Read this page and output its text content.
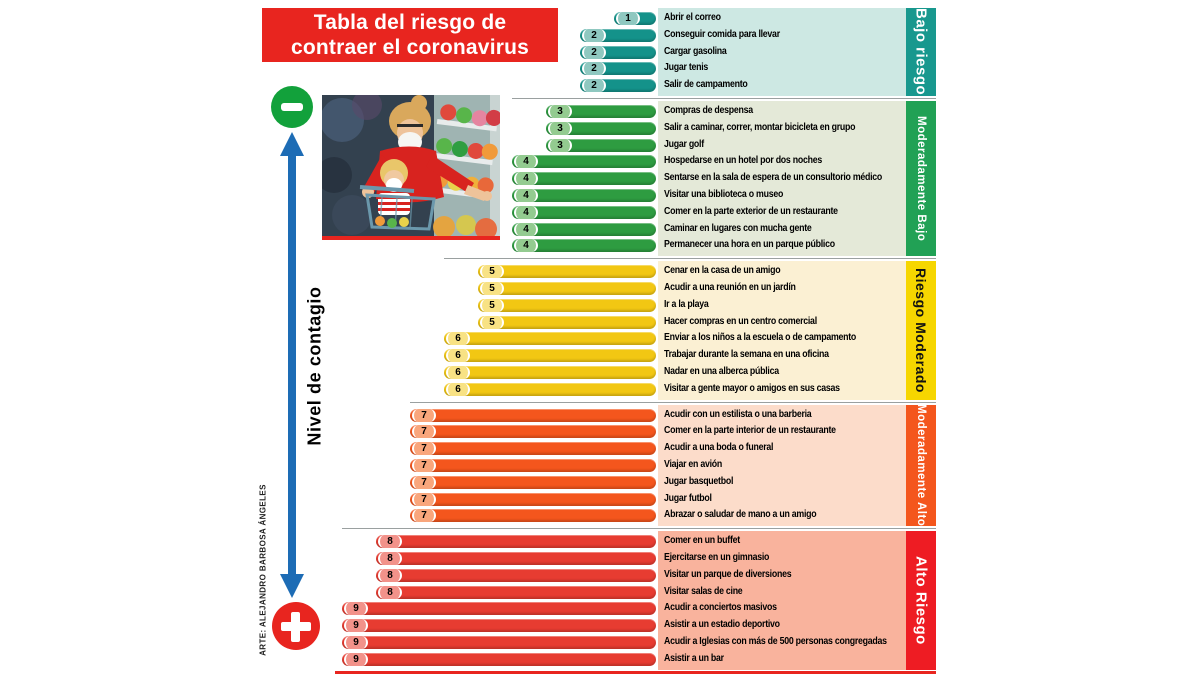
Bajo riesgo
1	Abrir el correo
2	Conseguir comida para llevar
2	Cargar gasolina
2	Jugar tenis
2	Salir de campamento
Moderadamente Bajo
3	Compras de despensa
3	Salir a caminar, correr, montar bicicleta en grupo
3	Jugar golf
4	Hospedarse en un hotel por dos noches
4	Sentarse en la sala de espera de un consultorio médico
4	Visitar una biblioteca o museo
4	Comer en la parte exterior de un restaurante
4	Caminar en lugares con mucha gente
4	Permanecer una hora en un parque público
Riesgo Moderado
5	Cenar en la casa de un amigo
5	Acudir a una reunión en un jardín
5	Ir a la playa
5	Hacer compras en un centro comercial
6	Enviar a los niños a la escuela o de campamento
6	Trabajar durante la semana en una oficina
6	Nadar en una alberca pública
6	Visitar a gente mayor o amigos en sus casas
Moderadamente Alto
7	Acudir con un estilista o una barberia
7	Comer en la parte interior de un restaurante
7	Acudir a una boda o funeral
7	Viajar en avión
7	Jugar basquetbol
7	Jugar futbol
7	Abrazar o saludar de mano a un amigo
Alto Riesgo
8	Comer en un buffet
8	Ejercitarse en un gimnasio
8	Visitar un parque de diversiones
8	Visitar salas de cine
9	Acudir a conciertos masivos
9	Asistir a un estadio deportivo
9	Acudir a Iglesias con más de 500 personas congregadas
9	Asistir a un bar
Tabla del riesgo de
contraer el coronavirus
Nivel de contagio
ARTE: ALEJANDRO BARBOSA ÁNGELES
